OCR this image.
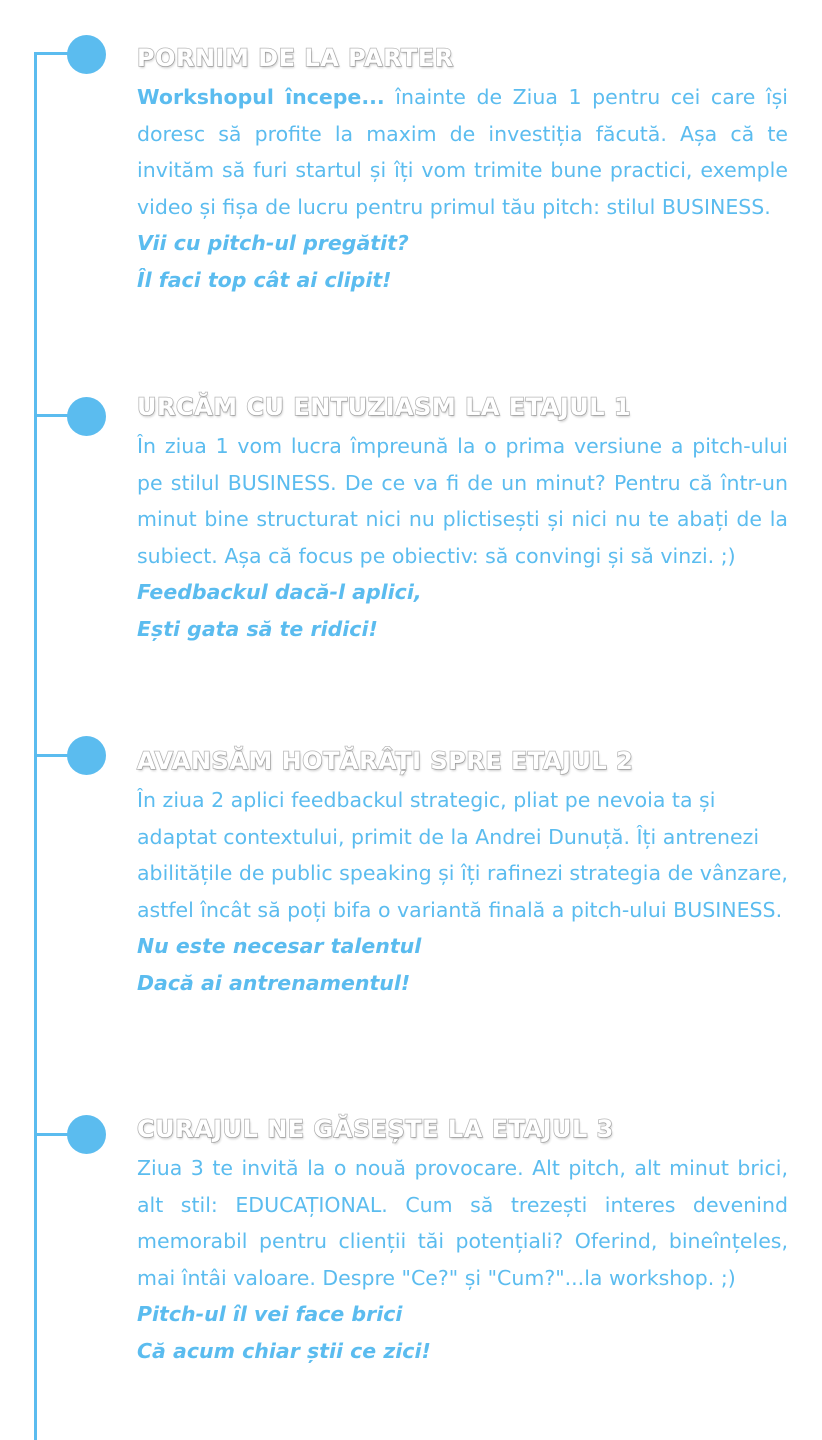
PORNIM DE LA PARTER

Workshopul începe... înainte de Ziua 1 pentru cei care își doresc să profite la maxim de investiția făcută. Așa că te invităm să furi startul și îți vom trimite bune practici, exemple video și fișa de lucru pentru primul tău pitch: stilul BUSINESS.

Vii cu pitch-ul pregătit?

Îl faci top cât ai clipit!

URCĂM CU ENTUZIASM LA ETAJUL 1

În ziua 1 vom lucra împreună la o prima versiune a pitch-ului pe stilul BUSINESS. De ce va fi de un minut? Pentru că într-un minut bine structurat nici nu plictisești și nici nu te abați de la subiect. Așa că focus pe obiectiv: să convingi și să vinzi. ;)

Feedbackul dacă-l aplici,

Ești gata să te ridici!

AVANSĂM HOTĂRÂȚI SPRE ETAJUL 2

În ziua 2 aplici feedbackul strategic, pliat pe nevoia ta și adaptat contextului, primit de la Andrei Dunuță. Îți antrenezi abilitățile de public speaking și îți rafinezi strategia de vânzare, astfel încât să poți bifa o variantă finală a pitch-ului BUSINESS.

Nu este necesar talentul

Dacă ai antrenamentul!

CURAJUL NE GĂSEȘTE LA ETAJUL 3

Ziua 3 te invită la o nouă provocare. Alt pitch, alt minut brici, alt stil: EDUCAȚIONAL. Cum să trezești interes devenind memorabil pentru clienții tăi potențiali? Oferind, bineînțeles, mai întâi valoare. Despre "Ce?" și "Cum?"...la workshop. ;)

Pitch-ul îl vei face brici

Că acum chiar știi ce zici!
